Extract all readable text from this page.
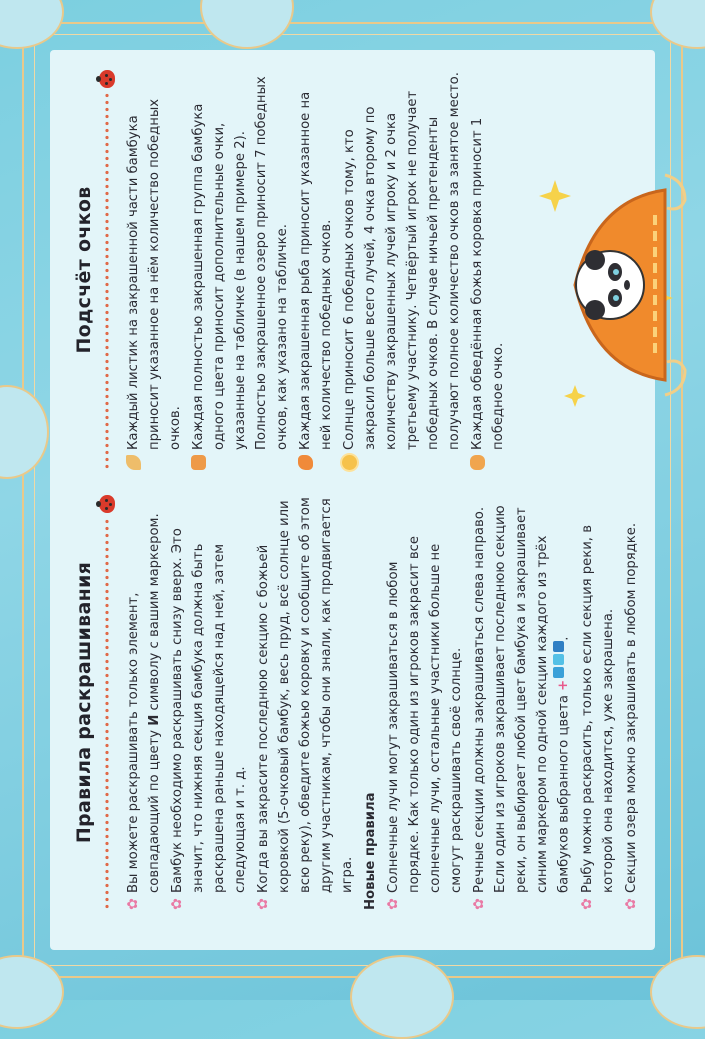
Правила раскрашивания
✿

Вы можете раскрашивать только элемент, совпадающий по цвету И символу с вашим маркером.

✿

Бамбук необходимо раскрашивать снизу вверх. Это значит, что нижняя секция бамбука должна быть раскрашена раньше находящейся над ней, затем следующая и т. д.

✿

Когда вы закрасите последнюю секцию с божьей коровкой (5-очковый бамбук, весь пруд, всё солнце или всю реку), обведите божью коровку и сообщите об этом другим участникам, чтобы они знали, как продвигается игра. Новые правила ✿

Солнечные лучи могут закрашиваться в любом порядке. Как только один из игроков закрасит все солнечные лучи, остальные участники больше не смогут раскрашивать своё солнце.

✿

Речные секции должны закрашиваться слева направо. Если один из игроков закрашивает последнюю секцию реки, он выбирает любой цвет бамбука и закрашивает синим маркером по одной секции каждого из трёх бамбуков выбранного цвета
+
.

✿

Рыбу можно раскрасить, только если секция реки, в которой она находится, уже закрашена.

✿

Секции озера можно закрашивать в любом порядке.

Подсчёт очков Каждый листик на закрашенной части бамбука приносит указанное на нём количество победных очков. Каждая полностью закрашенная группа бамбука одного цвета приносит дополнительные очки, указанные на табличке (в нашем примере 2). Полностью закрашенное озеро приносит 7 победных очков, как указано на табличке. Каждая закрашенная рыба приносит указанное на ней количество победных очков. Солнце приносит 6 победных очков тому, кто закрасил больше всего лучей, 4 очка второму по количеству закрашенных лучей игроку и 2 очка третьему участнику. Четвёртый игрок не получает победных очков. В случае ничьей претенденты получают полное количество очков за занятое место. Каждая обведённая божья коровка приносит 1 победное очко.
